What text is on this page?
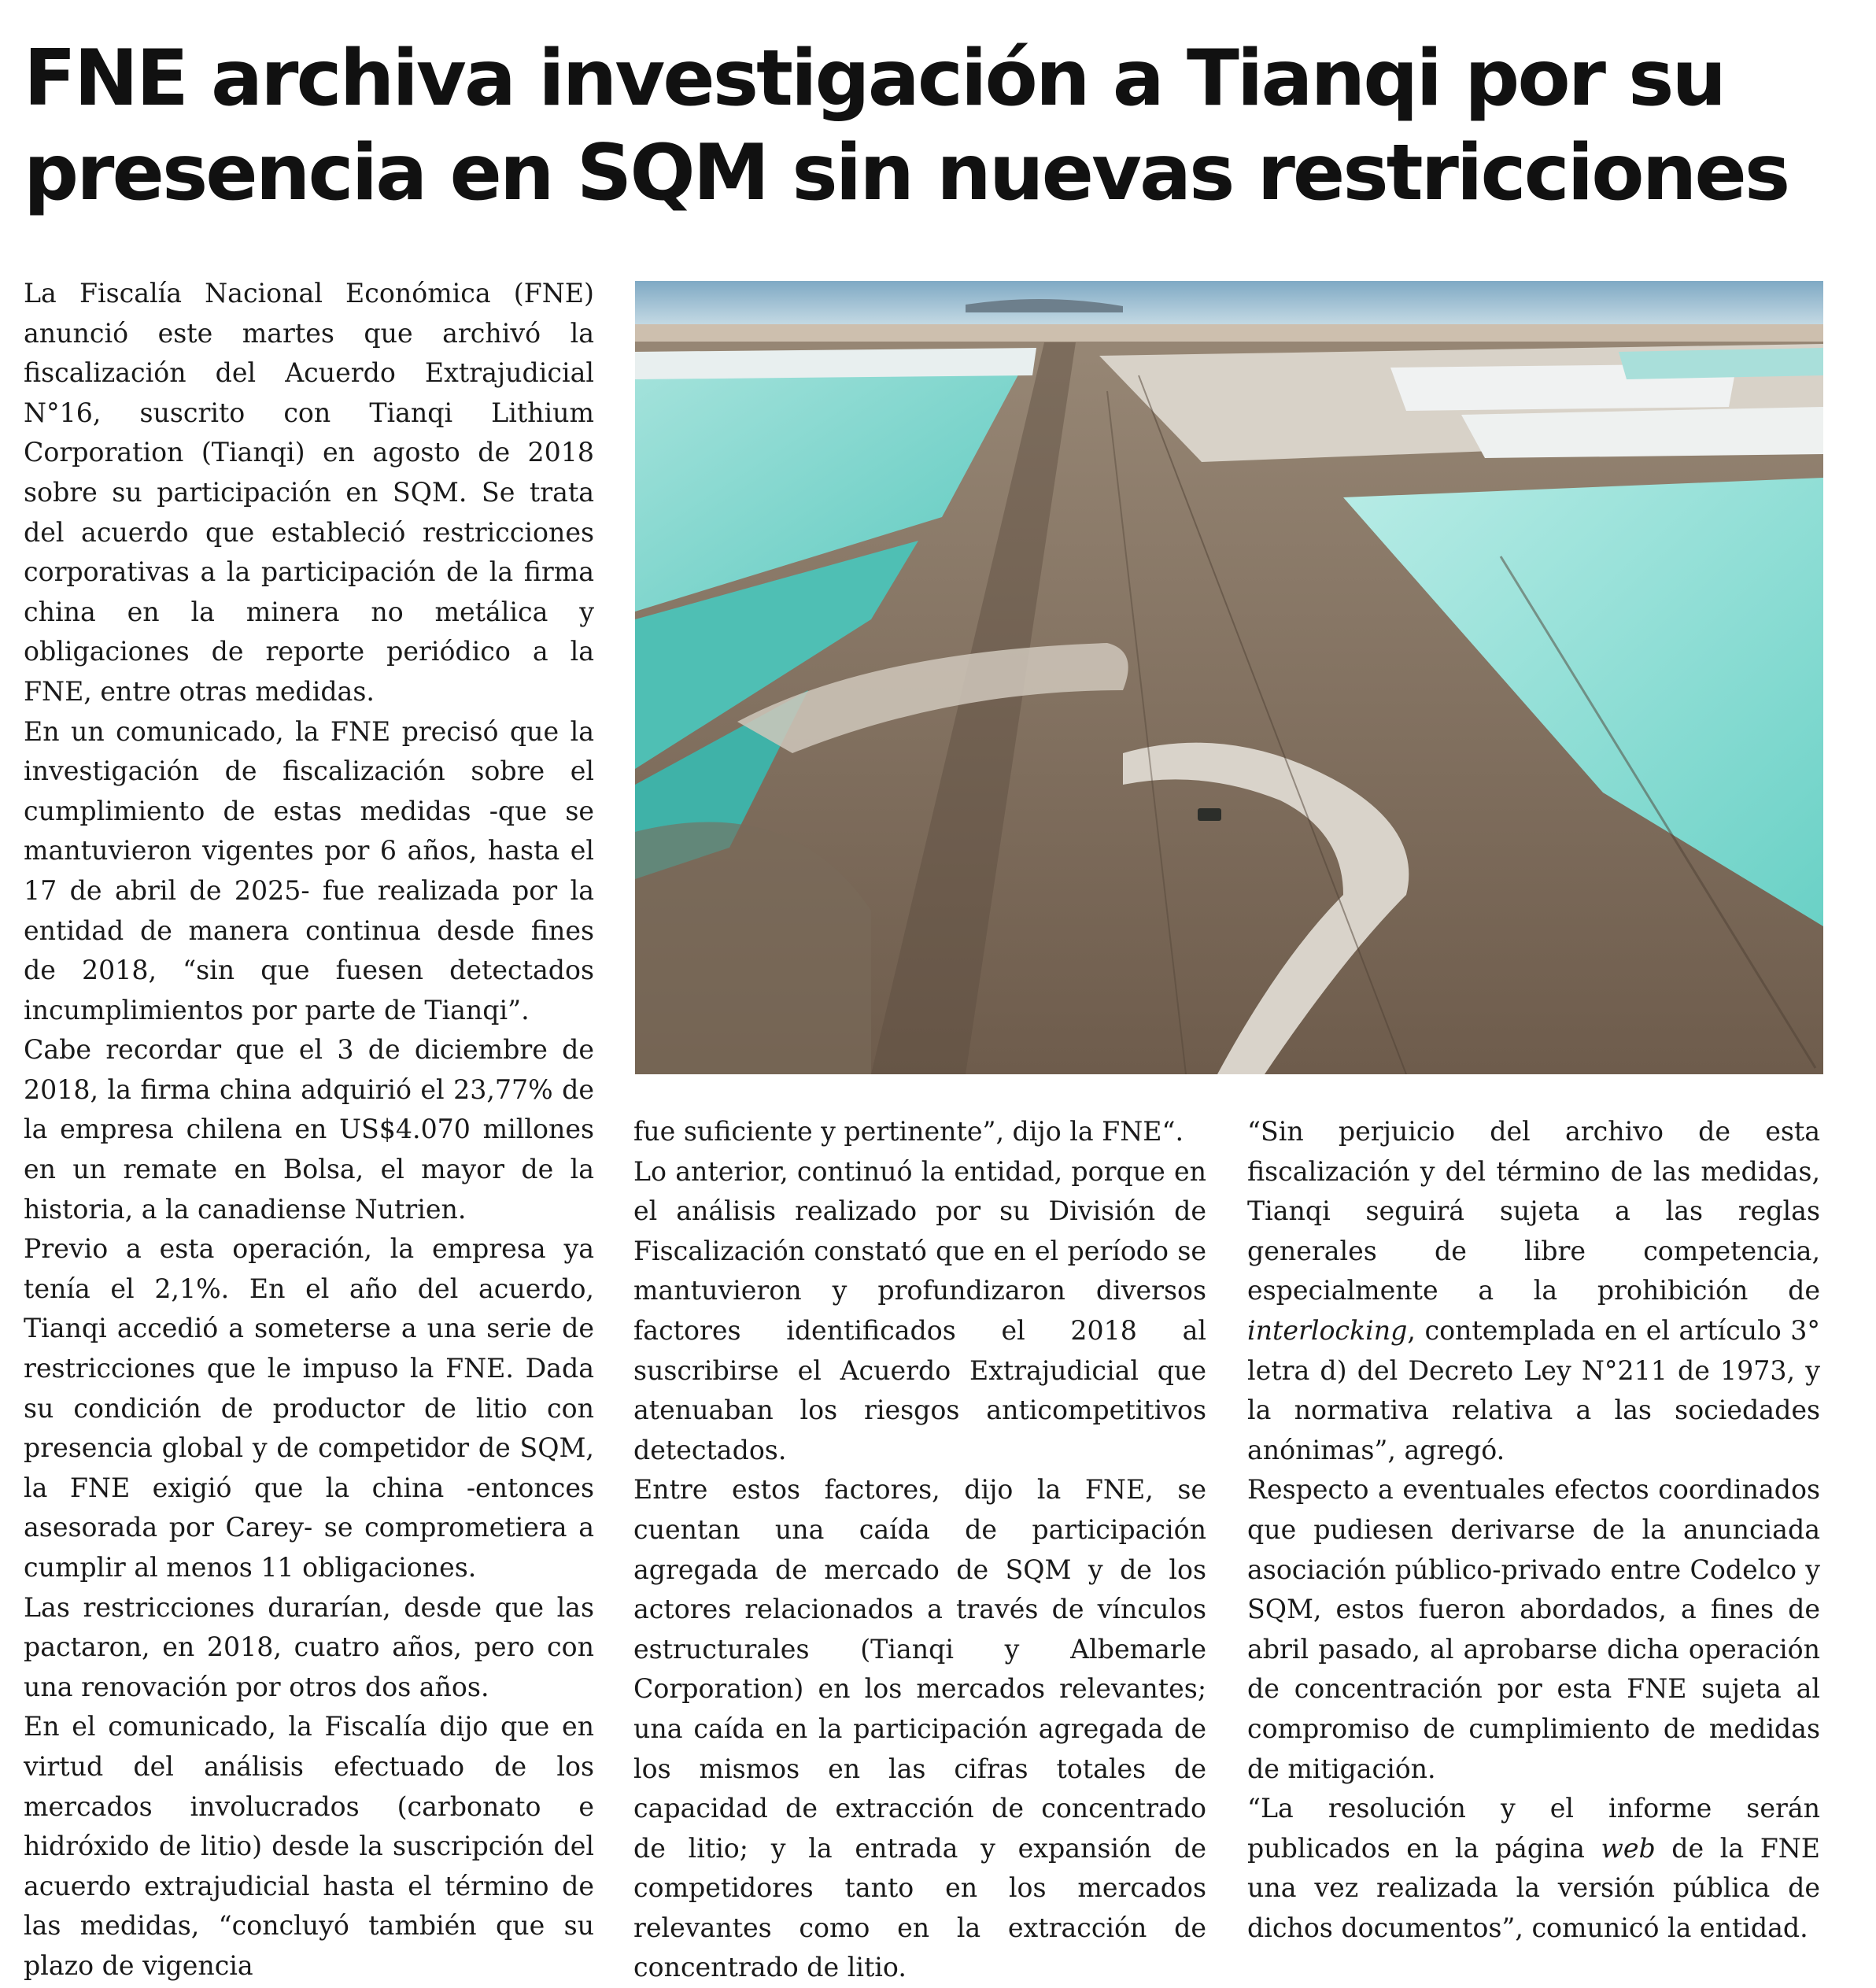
FNE archiva investigación a Tianqi por su presencia en SQM sin nuevas restricciones

La Fiscalía Nacional Económica (FNE) anunció este martes que archivó la fiscalización del Acuerdo Extrajudicial N°16, suscrito con Tianqi Lithium Corporation (Tianqi) en agosto de 2018 sobre su participación en SQM. Se trata del acuerdo que estableció restricciones corporativas a la participación de la firma china en la minera no metálica y obligaciones de reporte periódico a la FNE, entre otras medidas.

En un comunicado, la FNE precisó que la investigación de fiscalización sobre el cumplimiento de estas medidas -que se mantuvieron vigentes por 6 años, hasta el 17 de abril de 2025- fue realizada por la entidad de manera continua desde fines de 2018, “sin que fuesen detectados incumplimientos por parte de Tianqi”.

Cabe recordar que el 3 de diciembre de 2018, la firma china adquirió el 23,77% de la empresa chilena en US$4.070 millones en un remate en Bolsa, el mayor de la historia, a la canadiense Nutrien.

Previo a esta operación, la empresa ya tenía el 2,1%. En el año del acuerdo, Tianqi accedió a someterse a una serie de restricciones que le impuso la FNE. Dada su condición de productor de litio con presencia global y de competidor de SQM, la FNE exigió que la china -entonces asesorada por Carey- se comprometiera a cumplir al menos 11 obligaciones.

Las restricciones durarían, desde que las pactaron, en 2018, cuatro años, pero con una renovación por otros dos años.

En el comunicado, la Fiscalía dijo que en virtud del análisis efectuado de los mercados involucrados (carbonato e hidróxido de litio) desde la suscripción del acuerdo extrajudicial hasta el término de las medidas, “concluyó también que su plazo de vigencia

fue suficiente y pertinente”, dijo la FNE“.

Lo anterior, continuó la entidad, porque en el análisis realizado por su División de Fiscalización constató que en el período se mantuvieron y profundizaron diversos factores identificados el 2018 al suscribirse el Acuerdo Extrajudicial que atenuaban los riesgos anticompetitivos detectados.

Entre estos factores, dijo la FNE, se cuentan una caída de participación agregada de mercado de SQM y de los actores relacionados a través de vínculos estructurales (Tianqi y Albemarle Corporation) en los mercados relevantes; una caída en la participación agregada de los mismos en las cifras totales de capacidad de extracción de concentrado de litio; y la entrada y expansión de competidores tanto en los mercados relevantes como en la extracción de concentrado de litio.

“Sin perjuicio del archivo de esta fiscalización y del término de las medidas, Tianqi seguirá sujeta a las reglas generales de libre competencia, especialmente a la prohibición de interlocking, contemplada en el artículo 3° letra d) del Decreto Ley N°211 de 1973, y la normativa relativa a las sociedades anónimas”, agregó.

Respecto a eventuales efectos coordinados que pudiesen derivarse de la anunciada asociación público-privado entre Codelco y SQM, estos fueron abordados, a fines de abril pasado, al aprobarse dicha operación de concentración por esta FNE sujeta al compromiso de cumplimiento de medidas de mitigación.

“La resolución y el informe serán publicados en la página web de la FNE una vez realizada la versión pública de dichos documentos”, comunicó la entidad.
